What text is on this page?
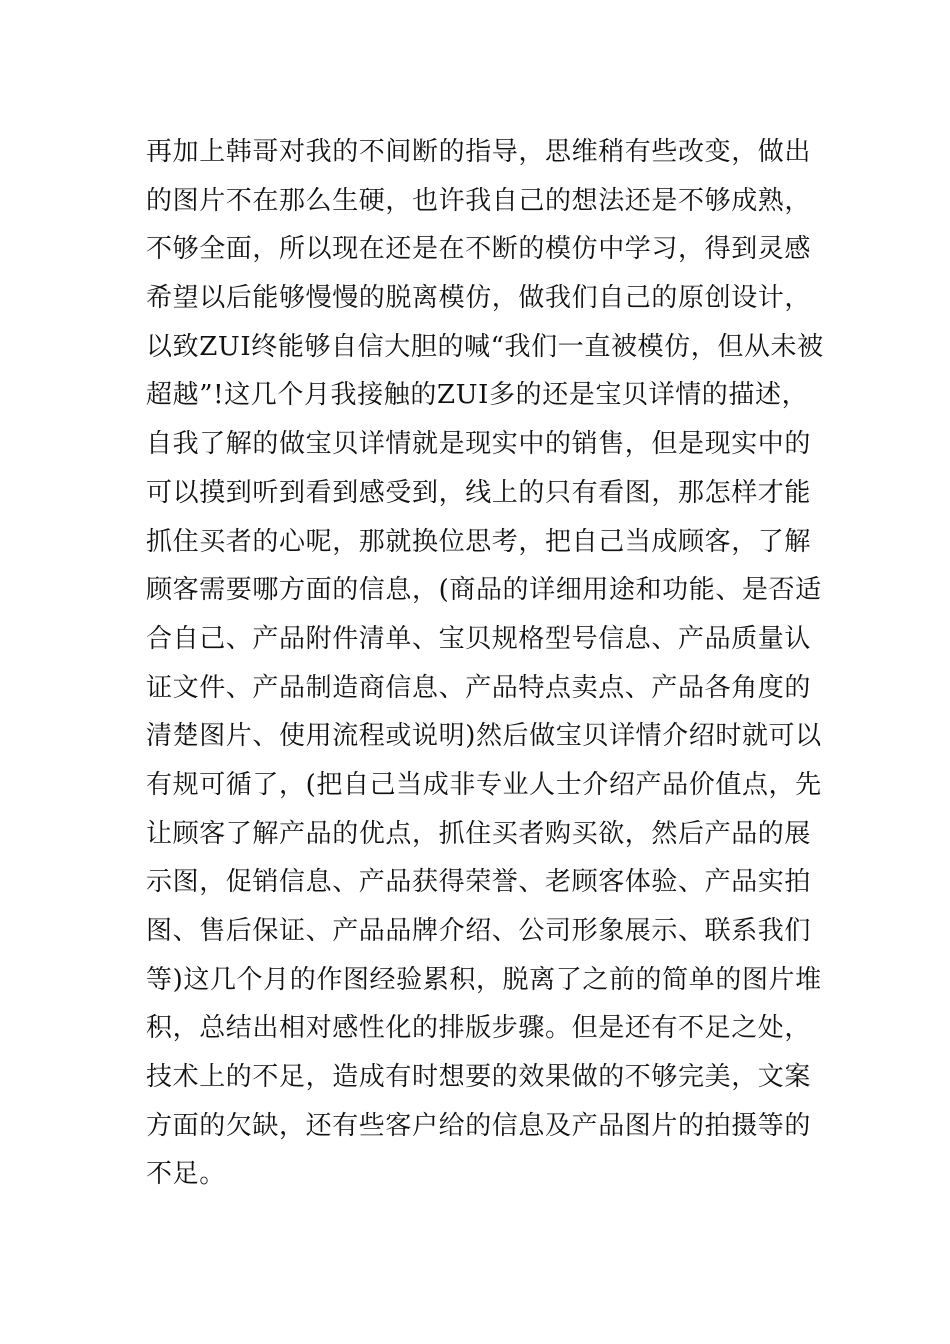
再加上韩哥对我的不间断的指导，思维稍有些改变，做出
的图片不在那么生硬，也许我自己的想法还是不够成熟，
不够全面，所以现在还是在不断的模仿中学习，得到灵感
希望以后能够慢慢的脱离模仿，做我们自己的原创设计，
以致ZUI终能够自信大胆的喊“我们一直被模仿，但从未被
超越”!这几个月我接触的ZUI多的还是宝贝详情的描述，
自我了解的做宝贝详情就是现实中的销售，但是现实中的
可以摸到听到看到感受到，线上的只有看图，那怎样才能
抓住买者的心呢，那就换位思考，把自己当成顾客，了解
顾客需要哪方面的信息，(商品的详细用途和功能、是否适
合自己、产品附件清单、宝贝规格型号信息、产品质量认
证文件、产品制造商信息、产品特点卖点、产品各角度的
清楚图片、使用流程或说明)然后做宝贝详情介绍时就可以
有规可循了，(把自己当成非专业人士介绍产品价值点，先
让顾客了解产品的优点，抓住买者购买欲，然后产品的展
示图，促销信息、产品获得荣誉、老顾客体验、产品实拍
图、售后保证、产品品牌介绍、公司形象展示、联系我们
等)这几个月的作图经验累积，脱离了之前的简单的图片堆
积，总结出相对感性化的排版步骤。但是还有不足之处，
技术上的不足，造成有时想要的效果做的不够完美，文案
方面的欠缺，还有些客户给的信息及产品图片的拍摄等的
不足。
